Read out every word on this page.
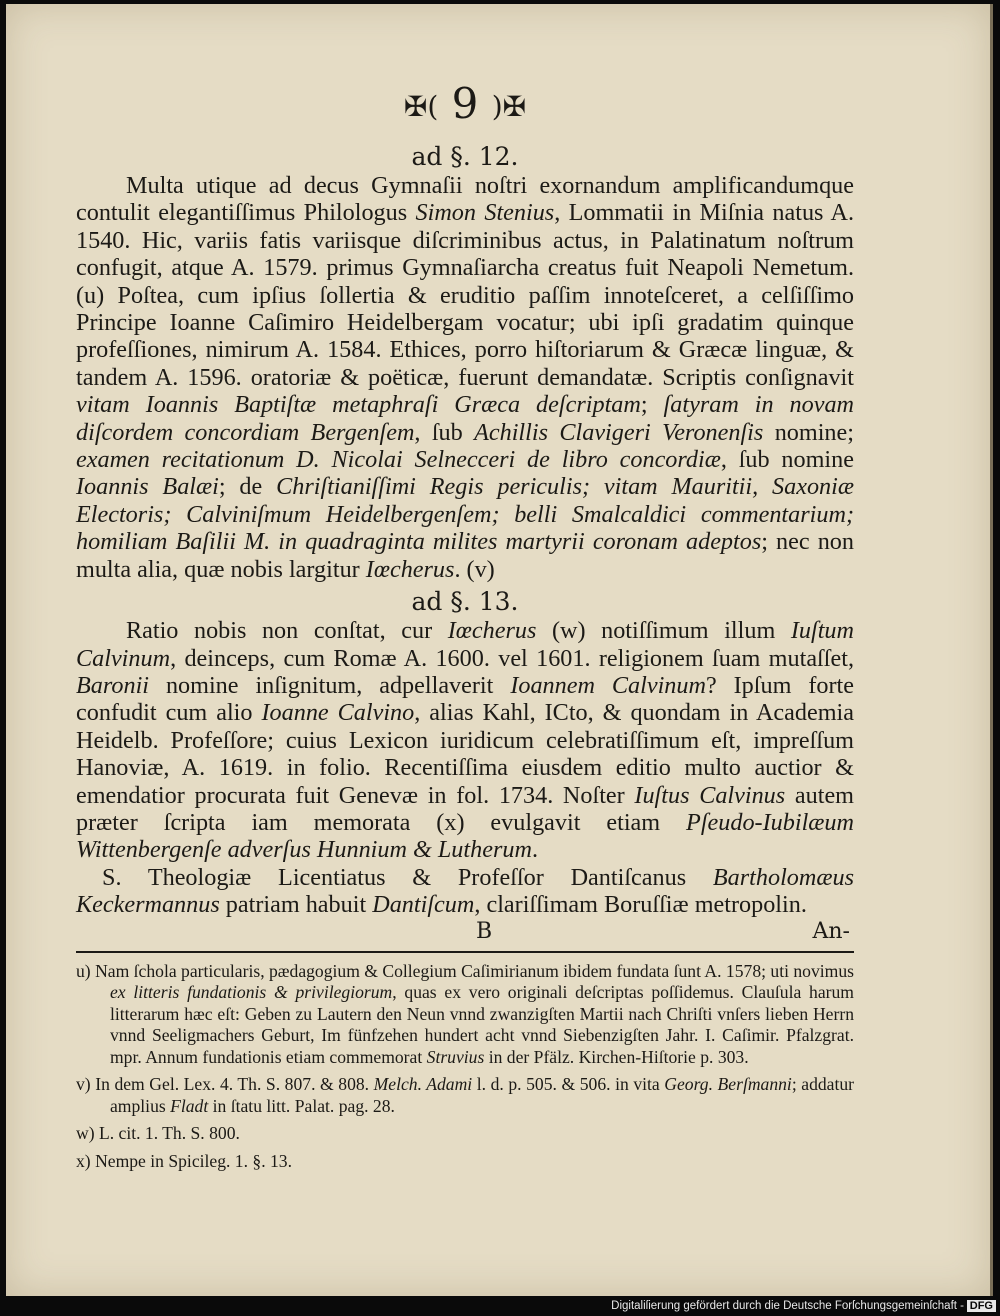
✠( 9 )✠
ad §. 12.

Multa utique ad decus Gymnaſii noſtri exornandum amplificandumque contulit elegantiſſimus Philologus Simon Stenius, Lommatii in Miſnia natus A. 1540. Hic, variis fatis variisque diſcriminibus actus, in Palatinatum noſtrum confugit, atque A. 1579. primus Gymnaſiarcha creatus fuit Neapoli Nemetum. (u) Poſtea, cum ipſius ſollertia & eruditio paſſim innoteſceret, a celſiſſimo Principe Ioanne Caſimiro Heidelbergam vocatur; ubi ipſi gradatim quinque profeſſiones, nimirum A. 1584. Ethices, porro hiſtoriarum & Græcæ linguæ, & tandem A. 1596. oratoriæ & poëticæ, fuerunt demandatæ. Scriptis conſignavit vitam Ioannis Baptiſtæ metaphraſi Græca deſcriptam; ſatyram in novam diſcordem concordiam Bergenſem, ſub Achillis Clavigeri Veronenſis nomine; examen recitationum D. Nicolai Selnecceri de libro concordiæ, ſub nomine Ioannis Balæi; de Chriſtianiſſimi Regis periculis; vitam Mauritii, Saxoniæ Electoris; Calviniſmum Heidelbergenſem; belli Smalcaldici commentarium; homiliam Baſilii M. in quadraginta milites martyrii coronam adeptos; nec non multa alia, quæ nobis largitur Iœcherus. (v)

ad §. 13.

Ratio nobis non conſtat, cur Iœcherus (w) notiſſimum illum Iuſtum Calvinum, deinceps, cum Romæ A. 1600. vel 1601. religionem ſuam mutaſſet, Baronii nomine inſignitum, adpellaverit Ioannem Calvinum? Ipſum forte confudit cum alio Ioanne Calvino, alias Kahl, ICto, & quondam in Academia Heidelb. Profeſſore; cuius Lexicon iuridicum celebratiſſimum eſt, impreſſum Hanoviæ, A. 1619. in folio. Recentiſſima eiusdem editio multo auctior & emendatior procurata fuit Genevæ in fol. 1734. Noſter Iuſtus Calvinus autem præter ſcripta iam memorata (x) evulgavit etiam Pſeudo-Iubilæum Wittenbergenſe adverſus Hunnium & Lutherum.

S. Theologiæ Licentiatus & Profeſſor Dantiſcanus Bartholomæus Keckermannus patriam habuit Dantiſcum, clariſſimam Boruſſiæ metropolin.

B	An-

u) Nam ſchola particularis, pædagogium & Collegium Caſimirianum ibidem fundata ſunt A. 1578; uti novimus ex litteris fundationis & privilegiorum, quas ex vero originali deſcriptas poſſidemus. Clauſula harum litterarum hæc eſt: Geben zu Lautern den Neun vnnd zwanzigſten Martii nach Chriſti vnſers lieben Herrn vnnd Seeligmachers Geburt, Im fünfzehen hundert acht vnnd Siebenzigſten Jahr. I. Caſimir. Pfalzgrat. mpr. Annum fundationis etiam commemorat Struvius in der Pfälz. Kirchen-Hiſtorie p. 303.

v) In dem Gel. Lex. 4. Th. S. 807. & 808. Melch. Adami l. d. p. 505. & 506. in vita Georg. Berſmanni; addatur amplius Fladt in ſtatu litt. Palat. pag. 28.

w) L. cit. 1. Th. S. 800.

x) Nempe in Spicileg. 1. §. 13.

Digitaliſierung gefördert durch die Deutsche Forſchungsgemeinſchaft - DFG
